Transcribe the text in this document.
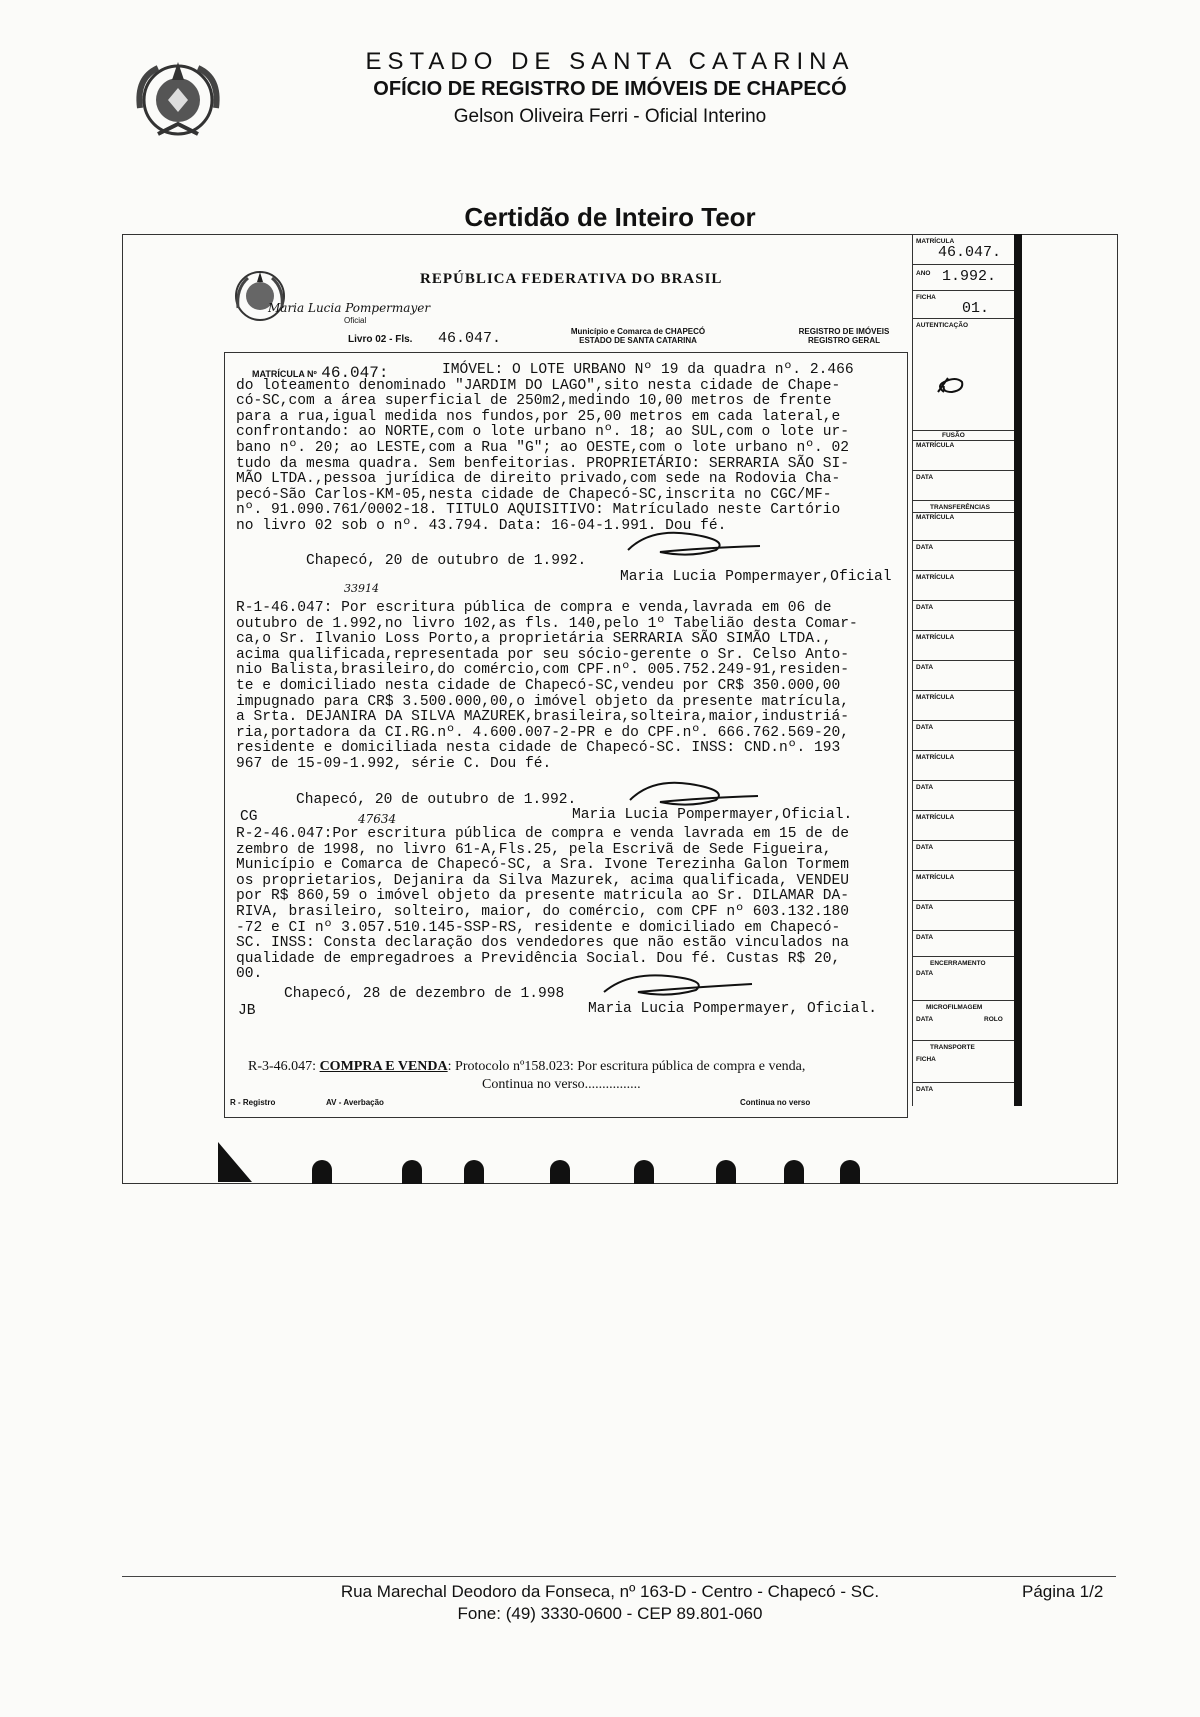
ESTADO DE SANTA CATARINA
OFÍCIO DE REGISTRO DE IMÓVEIS DE CHAPECÓ
Gelson Oliveira Ferri - Oficial Interino
Certidão de Inteiro Teor
REPÚBLICA FEDERATIVA DO BRASIL
Maria Lucia Pompermayer
Oficial
Livro 02 - Fls. 46.047.	Município e Comarca de CHAPECÓ
ESTADO DE SANTA CATARINA
REGISTRO DE IMÓVEIS
REGISTRO GERAL
MATRÍCULA
46.047.
ANO 1.992.
FICHA
01.
AUTENTICAÇÃO
FUSÃO
MATRÍCULA
DATA
TRANSFERÊNCIAS
MATRÍCULA
DATA
MATRÍCULA
DATA
MATRÍCULA
DATA
MATRÍCULA
DATA
MATRÍCULA
DATA
MATRÍCULA
DATA
MATRÍCULA
DATA
DATA
ENCERRAMENTO
DATA
MICROFILMAGEM
DATA	ROLO
TRANSPORTE
FICHA
DATA
MATRÍCULA Nº 46.047:	IMÓVEL: O LOTE URBANO Nº 19 da quadra nº. 2.466
do loteamento denominado "JARDIM DO LAGO",sito nesta cidade de Chape-
có-SC,com a área superficial de 250m2,medindo 10,00 metros de frente
para a rua,igual medida nos fundos,por 25,00 metros em cada lateral,e
confrontando: ao NORTE,com o lote urbano nº. 18; ao SUL,com o lote ur-
bano nº. 20; ao LESTE,com a Rua "G"; ao OESTE,com o lote urbano nº. 02
tudo da mesma quadra. Sem benfeitorias. PROPRIETÁRIO: SERRARIA SÃO SI-
MÃO LTDA.,pessoa jurídica de direito privado,com sede na Rodovia Cha-
pecó-São Carlos-KM-05,nesta cidade de Chapecó-SC,inscrita no CGC/MF-
nº. 91.090.761/0002-18. TITULO AQUISITIVO: Matrículado neste Cartório
no livro 02 sob o nº. 43.794. Data: 16-04-1.991. Dou fé.
Chapecó, 20 de outubro de 1.992.
Maria Lucia Pompermayer,Oficial
33914
R-1-46.047: Por escritura pública de compra e venda,lavrada em 06 de
outubro de 1.992,no livro 102,as fls. 140,pelo 1º Tabelião desta Comar-
ca,o Sr. Ilvanio Loss Porto,a proprietária SERRARIA SÃO SIMÃO LTDA.,
acima qualificada,representada por seu sócio-gerente o Sr. Celso Anto-
nio Balista,brasileiro,do comércio,com CPF.nº. 005.752.249-91,residen-
te e domiciliado nesta cidade de Chapecó-SC,vendeu por CR$ 350.000,00
impugnado para CR$ 3.500.000,00,o imóvel objeto da presente matrícula,
a Srta. DEJANIRA DA SILVA MAZUREK,brasileira,solteira,maior,industriá-
ria,portadora da CI.RG.nº. 4.600.007-2-PR e do CPF.nº. 666.762.569-20,
residente e domiciliada nesta cidade de Chapecó-SC. INSS: CND.nº. 193
967 de 15-09-1.992, série C. Dou fé.
Chapecó, 20 de outubro de 1.992.
CG	47634	Maria Lucia Pompermayer,Oficial.
R-2-46.047:Por escritura pública de compra e venda lavrada em 15 de de
zembro de 1998, no livro 61-A,Fls.25, pela Escrivã de Sede Figueira,
Município e Comarca de Chapecó-SC, a Sra. Ivone Terezinha Galon Tormem
os proprietarios, Dejanira da Silva Mazurek, acima qualificada, VENDEU
por R$ 860,59 o imóvel objeto da presente matricula ao Sr. DILAMAR DA-
RIVA, brasileiro, solteiro, maior, do comércio, com CPF nº 603.132.180
-72 e CI nº 3.057.510.145-SSP-RS, residente e domiciliado em Chapecó-
SC. INSS: Consta declaração dos vendedores que não estão vinculados na
qualidade de empregadroes a Previdência Social. Dou fé. Custas R$ 20,
00.
Chapecó, 28 de dezembro de 1.998
JB	Maria Lucia Pompermayer, Oficial.
R-3-46.047: COMPRA E VENDA: Protocolo nº158.023: Por escritura pública de compra e venda,
Continua no verso................
R - Registro	AV - Averbação	Continua no verso
Rua Marechal Deodoro da Fonseca, nº 163-D - Centro - Chapecó - SC.
Fone: (49) 3330-0600 - CEP 89.801-060
Página 1/2
